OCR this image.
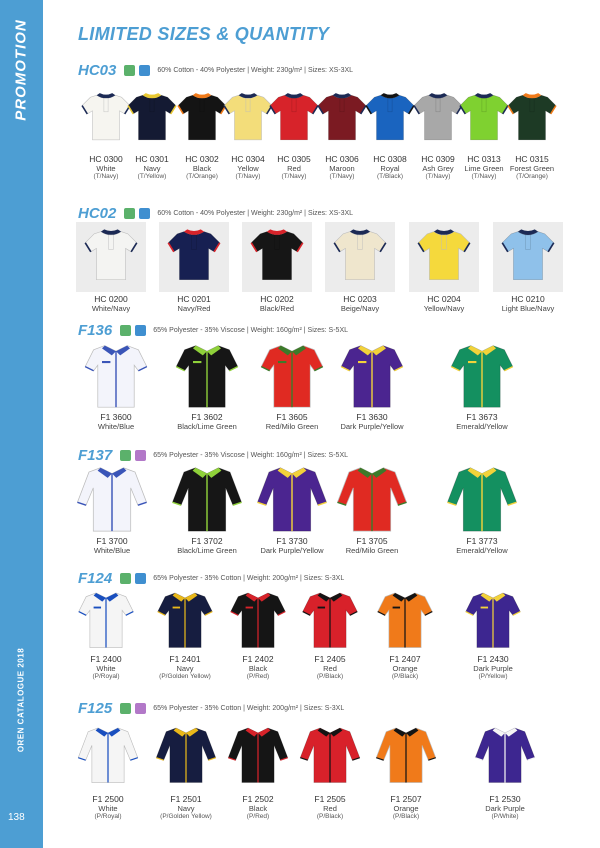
PROMOTION
OREN CATALOGUE 2018
138
LIMITED SIZES & QUANTITY
HC03	60% Cotton - 40% Polyester | Weight: 230g/m² | Sizes: XS-3XL
HC 0300
White
(T/Navy)
HC 0301
Navy
(T/Yellow)
HC 0302
Black
(T/Orange)
HC 0304
Yellow
(T/Navy)
HC 0305
Red
(T/Navy)
HC 0306
Maroon
(T/Navy)
HC 0308
Royal
(T/Black)
HC 0309
Ash Grey
(T/Navy)
HC 0313
Lime Green
(T/Navy)
HC 0315
Forest Green
(T/Orange)
HC02	60% Cotton - 40% Polyester | Weight: 230g/m² | Sizes: XS-3XL
HC 0200
White/Navy
HC 0201
Navy/Red
HC 0202
Black/Red
HC 0203
Beige/Navy
HC 0204
Yellow/Navy
HC 0210
Light Blue/Navy
F136	65% Polyester - 35% Viscose | Weight: 160g/m² | Sizes: S-5XL
F1 3600
White/Blue
F1 3602
Black/Lime Green
F1 3605
Red/Milo Green
F1 3630
Dark Purple/Yellow
F1 3673
Emerald/Yellow
F137	65% Polyester - 35% Viscose | Weight: 160g/m² | Sizes: S-5XL
F1 3700
White/Blue
F1 3702
Black/Lime Green
F1 3730
Dark Purple/Yellow
F1 3705
Red/Milo Green
F1 3773
Emerald/Yellow
F124	65% Polyester - 35% Cotton | Weight: 200g/m² | Sizes: S-3XL
F1 2400
White
(P/Royal)
F1 2401
Navy
(P/Golden Yellow)
F1 2402
Black
(P/Red)
F1 2405
Red
(P/Black)
F1 2407
Orange
(P/Black)
F1 2430
Dark Purple
(P/Yellow)
F125	65% Polyester - 35% Cotton | Weight: 200g/m² | Sizes: S-3XL
F1 2500
White
(P/Royal)
F1 2501
Navy
(P/Golden Yellow)
F1 2502
Black
(P/Red)
F1 2505
Red
(P/Black)
F1 2507
Orange
(P/Black)
F1 2530
Dark Purple
(P/White)
